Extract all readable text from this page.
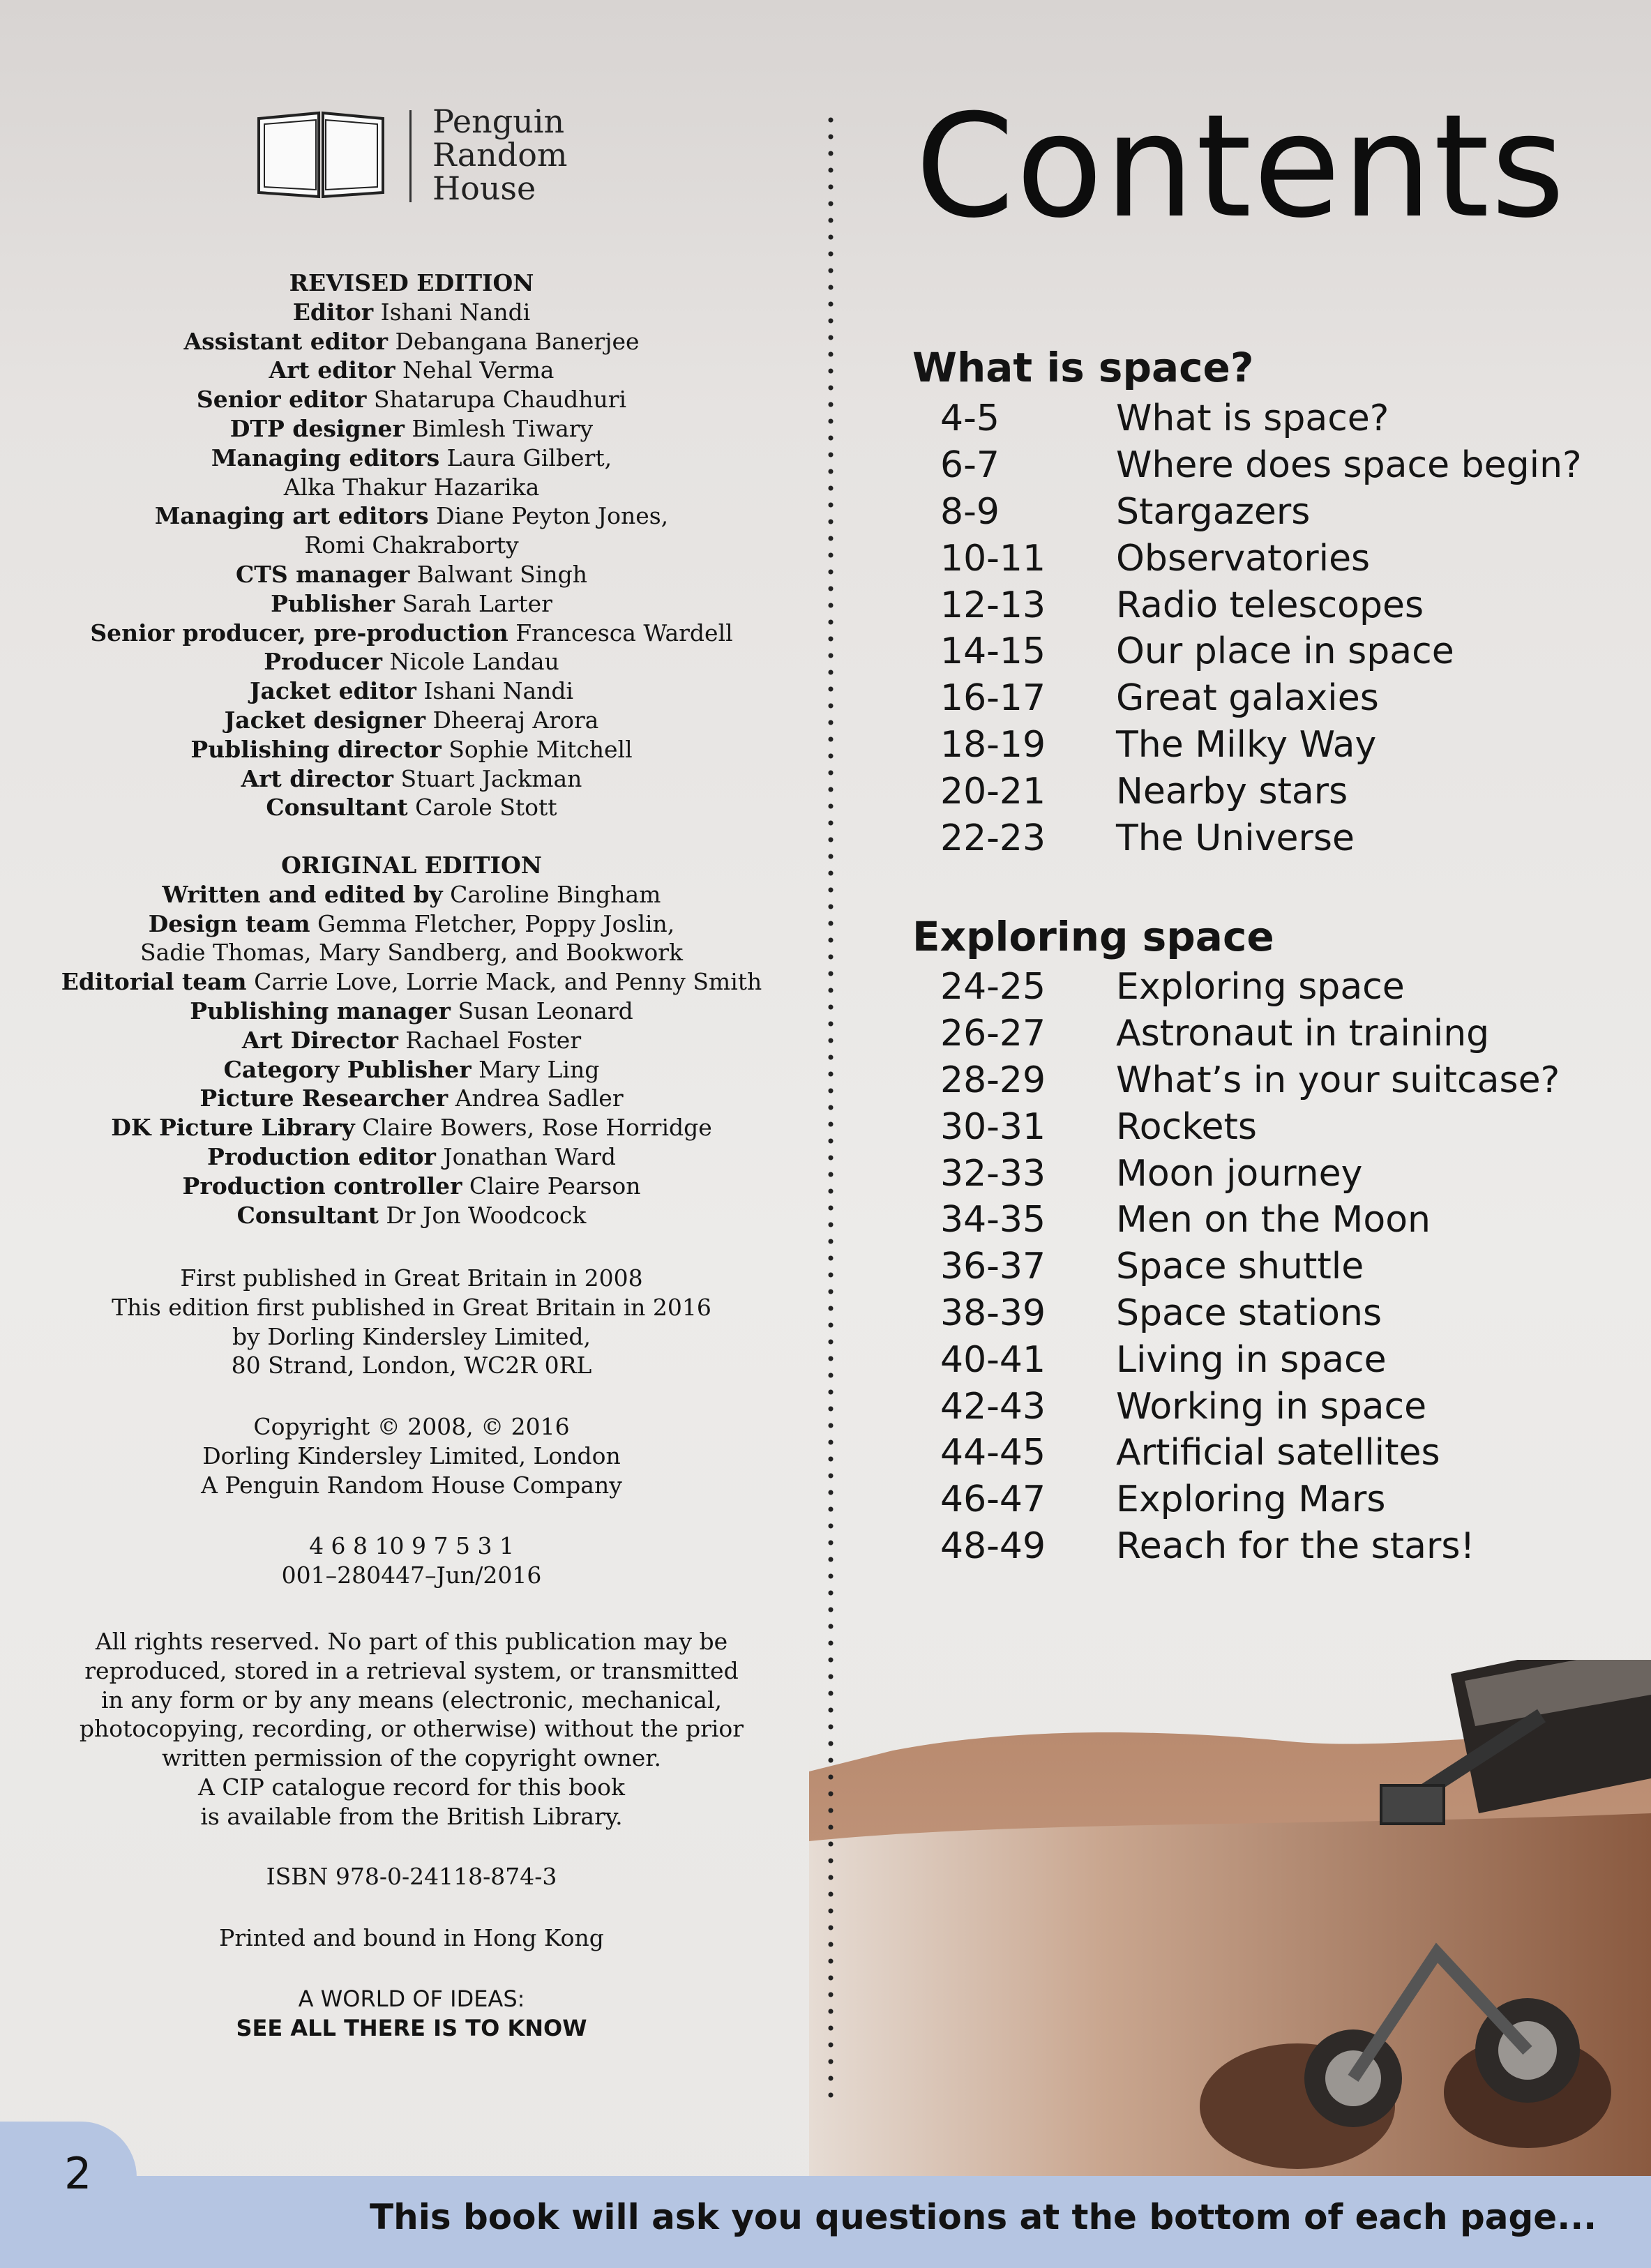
Penguin
Random
House
REVISED EDITION
Editor Ishani Nandi
Assistant editor Debangana Banerjee
Art editor Nehal Verma
Senior editor Shatarupa Chaudhuri
DTP designer Bimlesh Tiwary
Managing editors Laura Gilbert,
Alka Thakur Hazarika
Managing art editors Diane Peyton Jones,
Romi Chakraborty
CTS manager Balwant Singh
Publisher Sarah Larter
Senior producer, pre-production Francesca Wardell
Producer Nicole Landau
Jacket editor Ishani Nandi
Jacket designer Dheeraj Arora
Publishing director Sophie Mitchell
Art director Stuart Jackman
Consultant Carole Stott
ORIGINAL EDITION
Written and edited by Caroline Bingham
Design team Gemma Fletcher, Poppy Joslin,
Sadie Thomas, Mary Sandberg, and Bookwork
Editorial team Carrie Love, Lorrie Mack, and Penny Smith
Publishing manager Susan Leonard
Art Director Rachael Foster
Category Publisher Mary Ling
Picture Researcher Andrea Sadler
DK Picture Library Claire Bowers, Rose Horridge
Production editor Jonathan Ward
Production controller Claire Pearson
Consultant Dr Jon Woodcock
First published in Great Britain in 2008
This edition first published in Great Britain in 2016
by Dorling Kindersley Limited,
80 Strand, London, WC2R 0RL
Copyright © 2008, © 2016
Dorling Kindersley Limited, London
A Penguin Random House Company
4 6 8 10 9 7 5 3 1
001–280447–Jun/2016
All rights reserved. No part of this publication may be
reproduced, stored in a retrieval system, or transmitted
in any form or by any means (electronic, mechanical,
photocopying, recording, or otherwise) without the prior
written permission of the copyright owner.
A CIP catalogue record for this book
is available from the British Library.
ISBN 978-0-24118-874-3
Printed and bound in Hong Kong
A WORLD OF IDEAS:
SEE ALL THERE IS TO KNOW
Contents
What is space?
4-5	What is space?
6-7	Where does space begin?
8-9	Stargazers
10-11	Observatories
12-13	Radio telescopes
14-15	Our place in space
16-17	Great galaxies
18-19	The Milky Way
20-21	Nearby stars
22-23	The Universe
Exploring space
24-25	Exploring space
26-27	Astronaut in training
28-29	What’s in your suitcase?
30-31	Rockets
32-33	Moon journey
34-35	Men on the Moon
36-37	Space shuttle
38-39	Space stations
40-41	Living in space
42-43	Working in space
44-45	Artificial satellites
46-47	Exploring Mars
48-49	Reach for the stars!
This book will ask you questions at the bottom of each page...
2
